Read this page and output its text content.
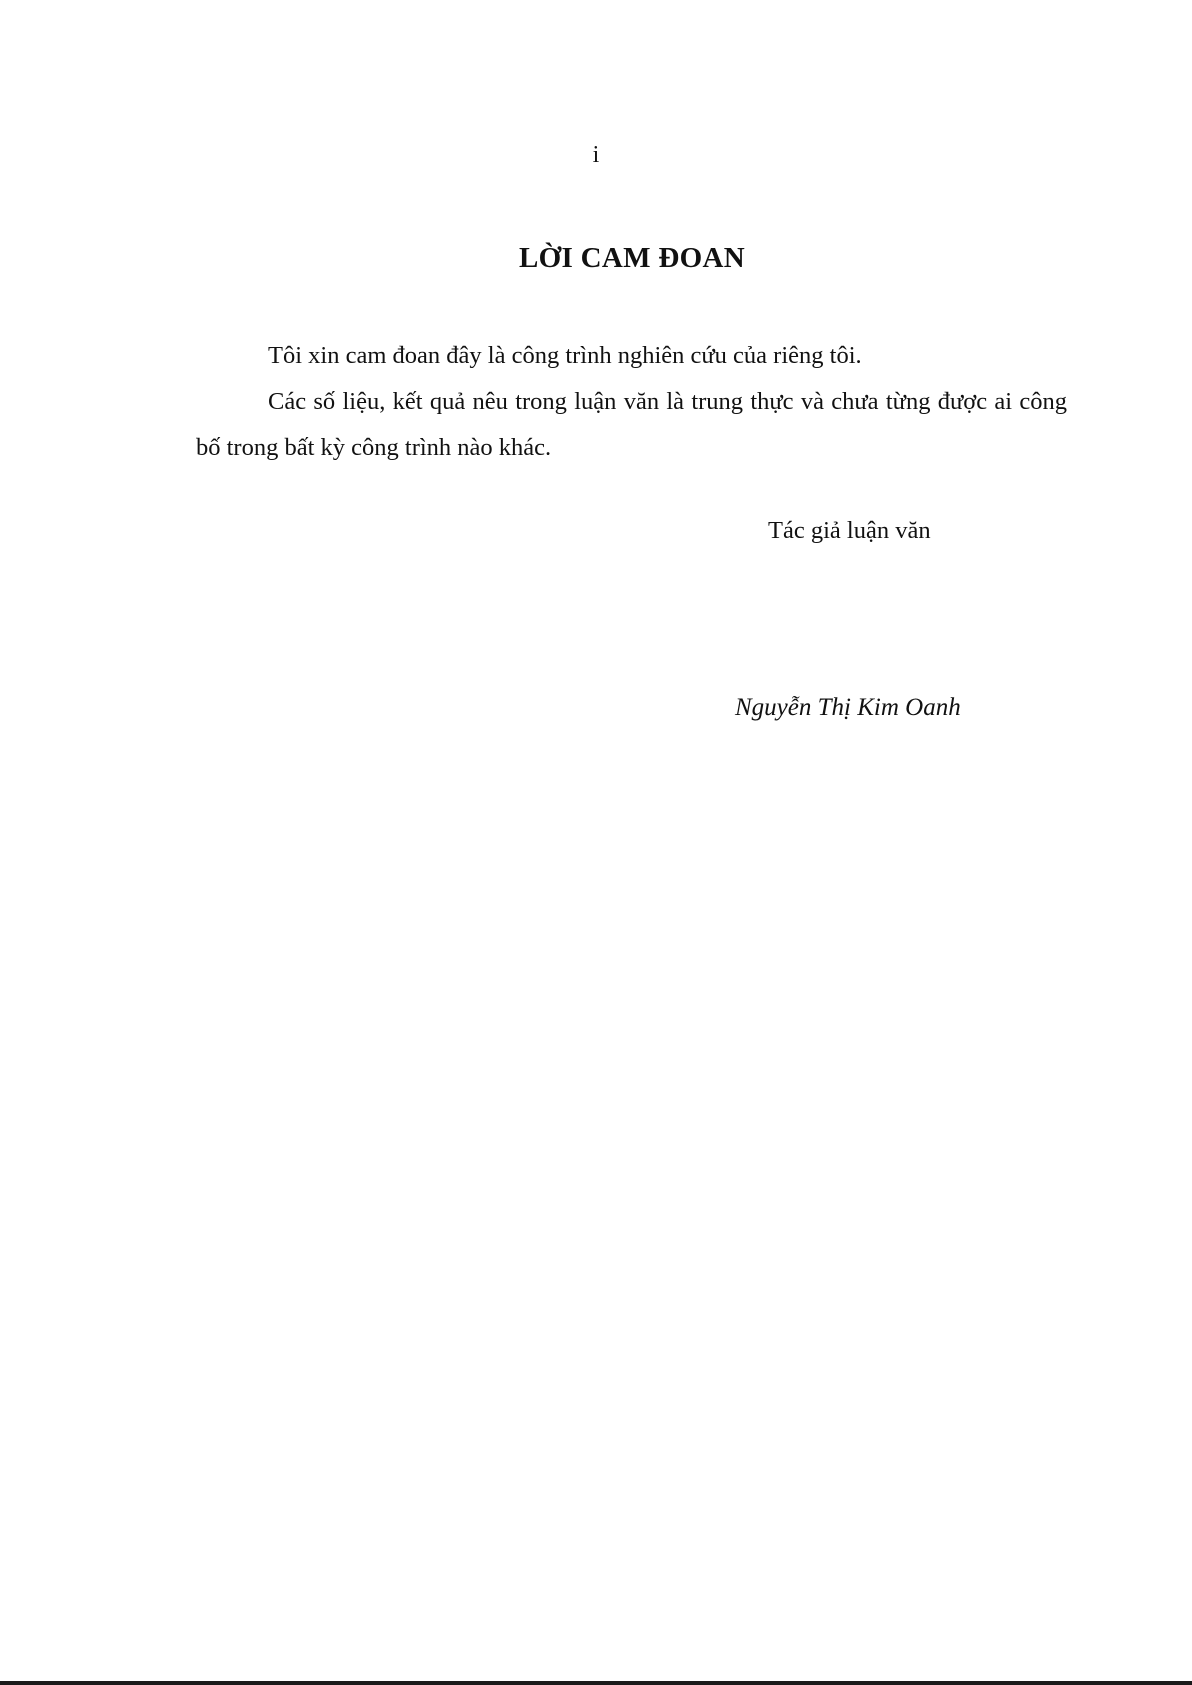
i
LỜI CAM ĐOAN

Tôi xin cam đoan đây là công trình nghiên cứu của riêng tôi.

Các số liệu, kết quả nêu trong luận văn là trung thực và chưa từng được ai công bố trong bất kỳ công trình nào khác.

Tác giả luận văn
Nguyễn Thị Kim Oanh
